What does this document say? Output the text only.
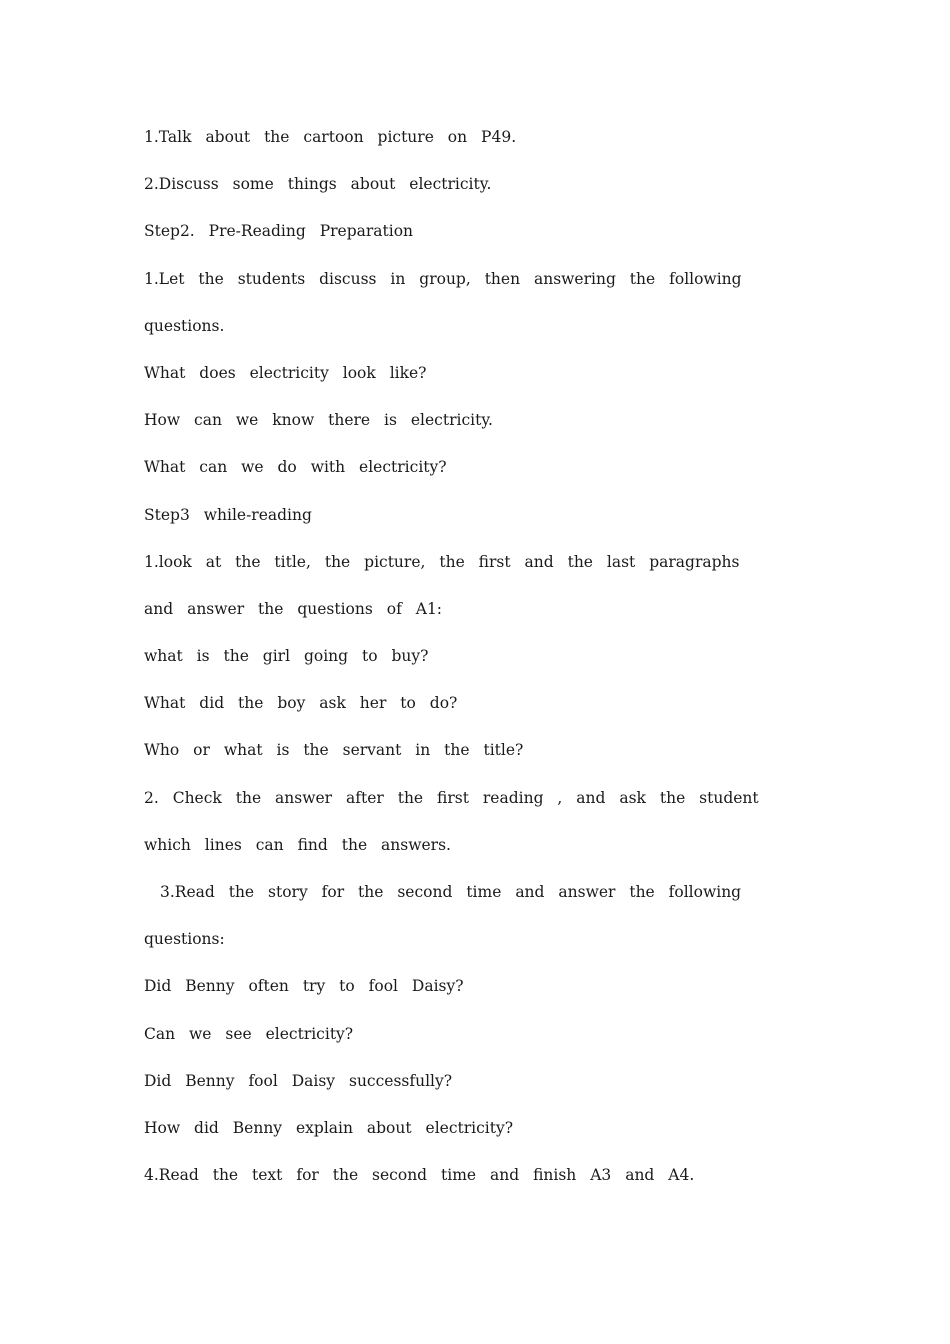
1.Talk about the cartoon picture on P49.
2.Discuss some things about electricity.
Step2. Pre-Reading Preparation
1.Let the students discuss in group, then answering the following
questions.
What does electricity look like?
How can we know there is electricity.
What can we do with electricity?
Step3 while-reading
1.look at the title, the picture, the first and the last paragraphs
and answer the questions of A1:
what is the girl going to buy?
What did the boy ask her to do?
Who or what is the servant in the title?
2. Check the answer after the first reading , and ask the student
which lines can find the answers.
3.Read the story for the second time and answer the following
questions:
Did Benny often try to fool Daisy?
Can we see electricity?
Did Benny fool Daisy successfully?
How did Benny explain about electricity?
4.Read the text for the second time and finish A3 and A4.
